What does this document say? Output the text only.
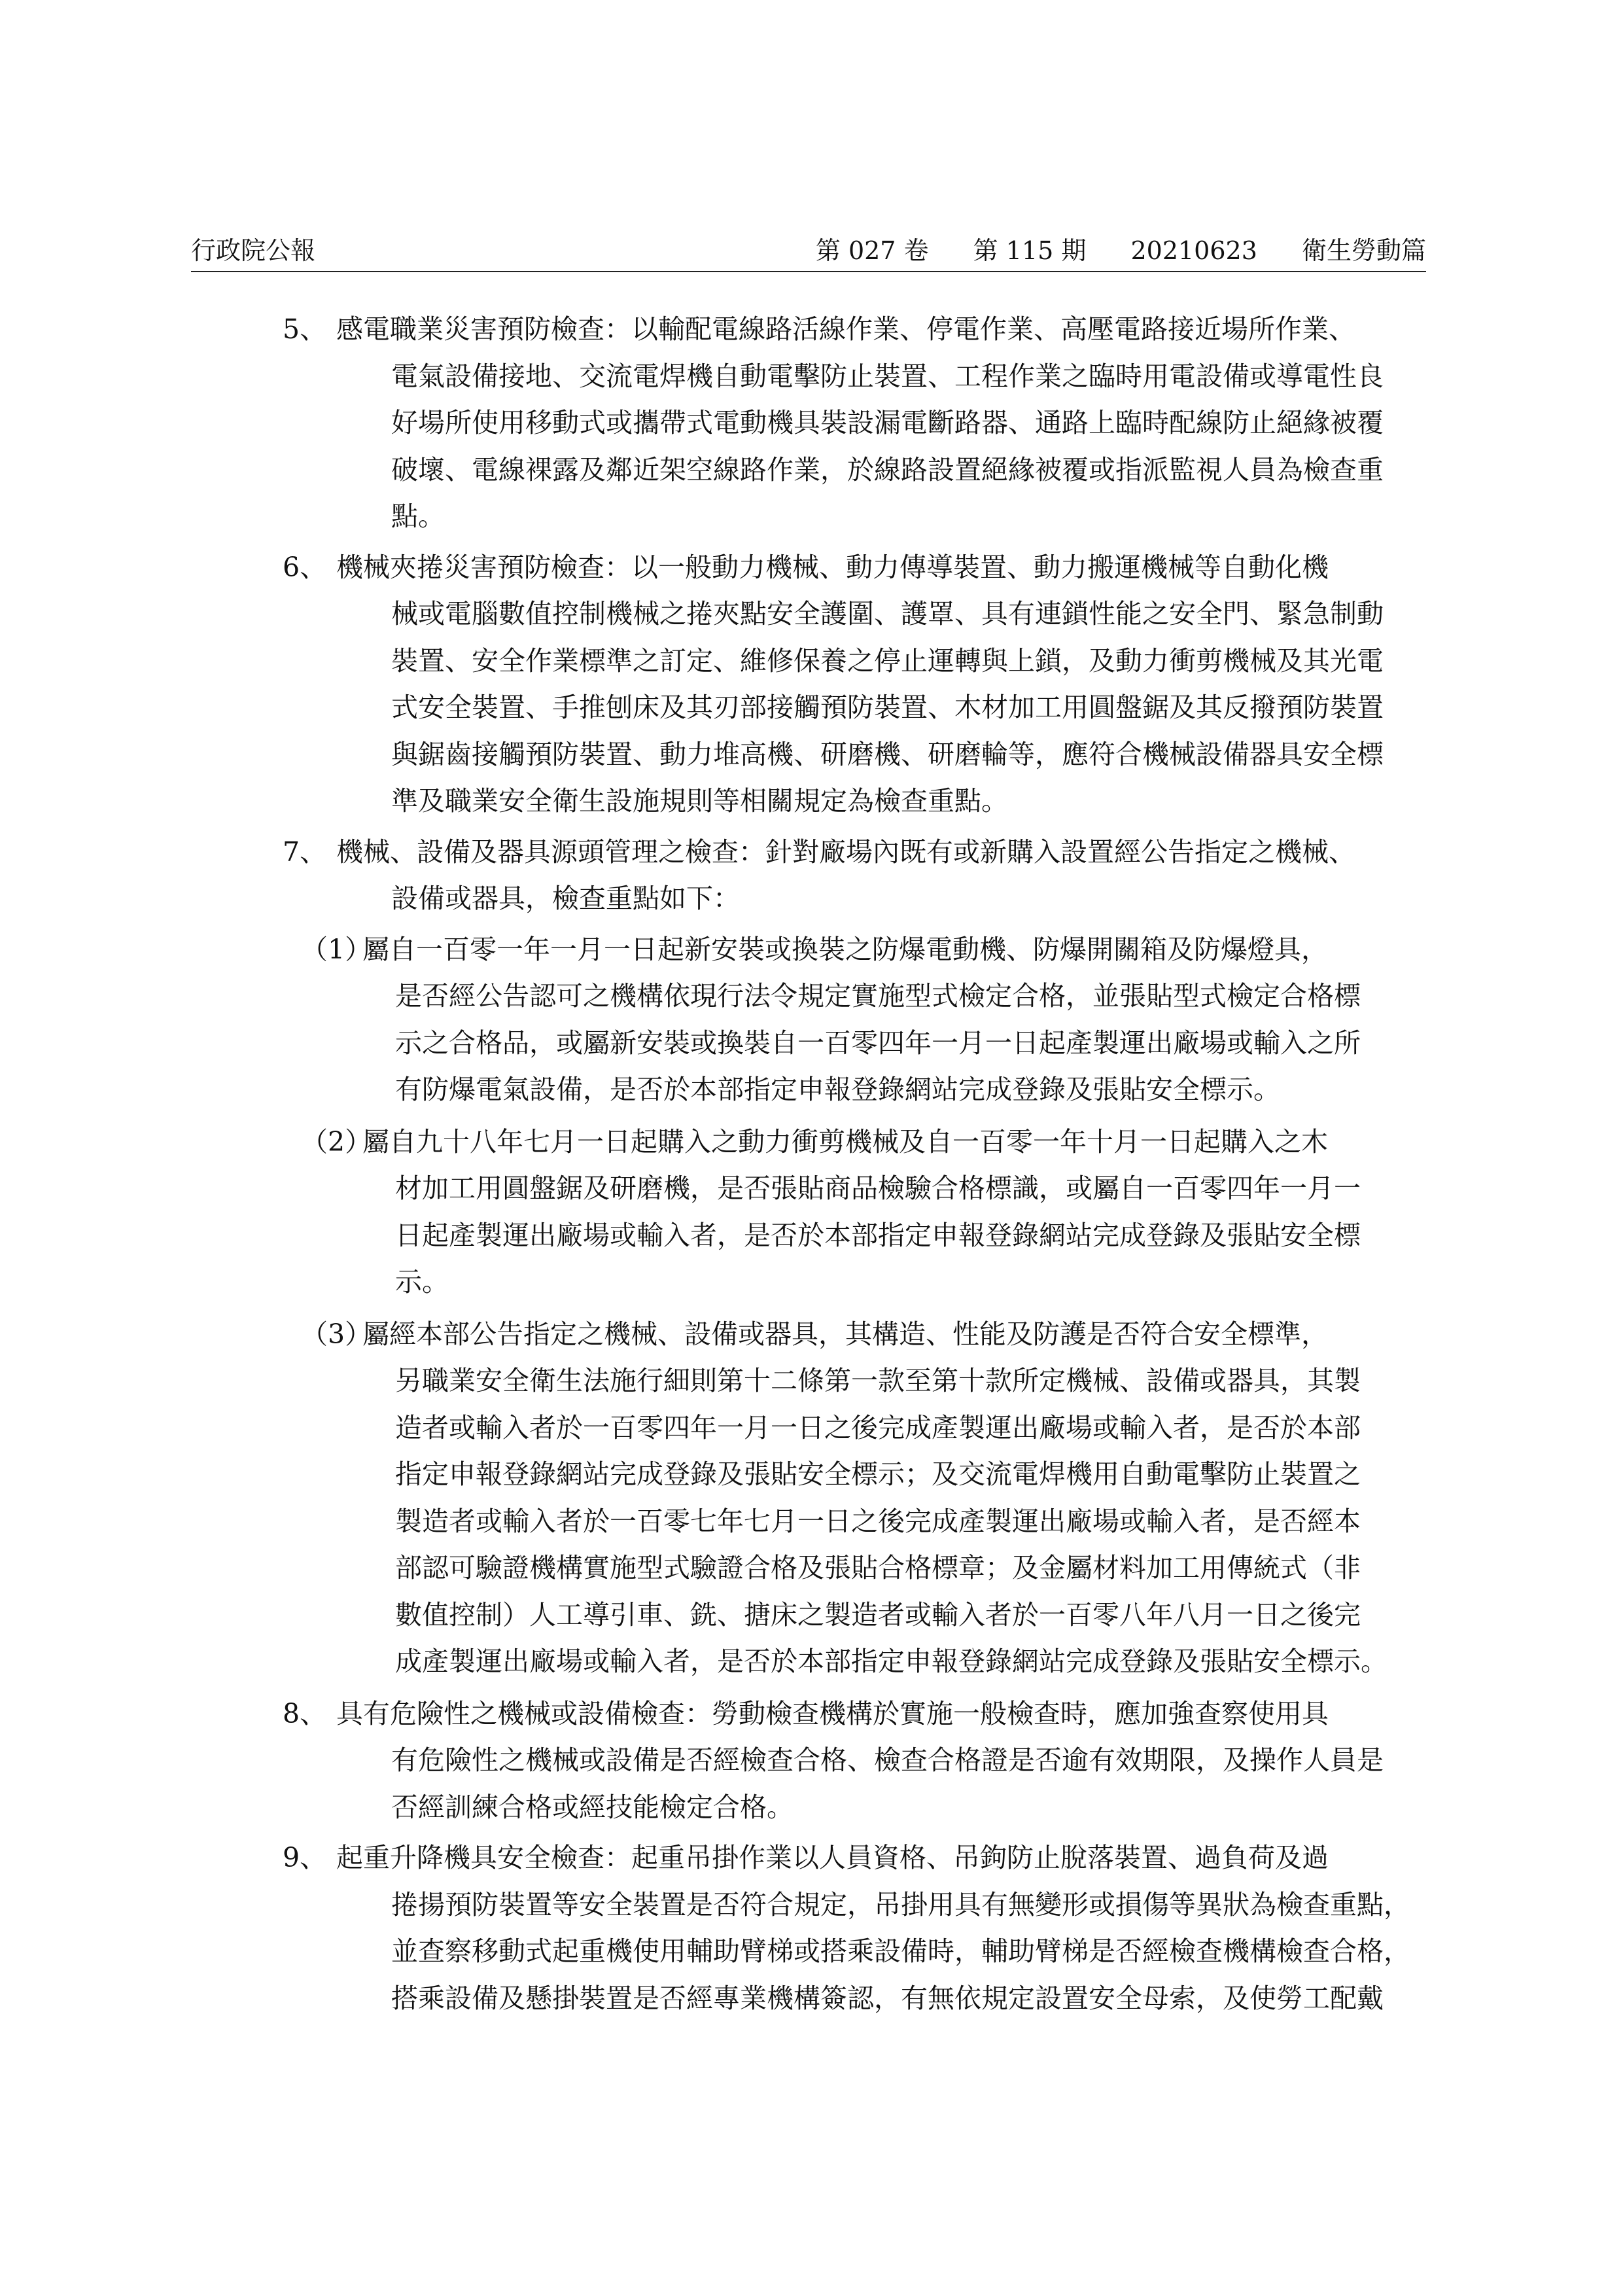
行政院公報	第 027 卷 第 115 期 20210623 衛生勞動篇
5、 感電職業災害預防檢查：以輸配電線路活線作業、停電作業、高壓電路接近場所作業、
電氣設備接地、交流電焊機自動電擊防止裝置、工程作業之臨時用電設備或導電性良
好場所使用移動式或攜帶式電動機具裝設漏電斷路器、通路上臨時配線防止絕緣被覆
破壞、電線裸露及鄰近架空線路作業，於線路設置絕緣被覆或指派監視人員為檢查重
點。
6、 機械夾捲災害預防檢查：以一般動力機械、動力傳導裝置、動力搬運機械等自動化機
械或電腦數值控制機械之捲夾點安全護圍、護罩、具有連鎖性能之安全門、緊急制動
裝置、安全作業標準之訂定、維修保養之停止運轉與上鎖，及動力衝剪機械及其光電
式安全裝置、手推刨床及其刃部接觸預防裝置、木材加工用圓盤鋸及其反撥預防裝置
與鋸齒接觸預防裝置、動力堆高機、研磨機、研磨輪等，應符合機械設備器具安全標
準及職業安全衛生設施規則等相關規定為檢查重點。
7、 機械、設備及器具源頭管理之檢查：針對廠場內既有或新購入設置經公告指定之機械、
設備或器具，檢查重點如下：
（1）
屬自一百零一年一月一日起新安裝或換裝之防爆電動機、防爆開關箱及防爆燈具，
是否經公告認可之機構依現行法令規定實施型式檢定合格，並張貼型式檢定合格標
示之合格品，或屬新安裝或換裝自一百零四年一月一日起產製運出廠場或輸入之所
有防爆電氣設備，是否於本部指定申報登錄網站完成登錄及張貼安全標示。
（2）
屬自九十八年七月一日起購入之動力衝剪機械及自一百零一年十月一日起購入之木
材加工用圓盤鋸及研磨機，是否張貼商品檢驗合格標識，或屬自一百零四年一月一
日起產製運出廠場或輸入者，是否於本部指定申報登錄網站完成登錄及張貼安全標
示。
（3）
屬經本部公告指定之機械、設備或器具，其構造、性能及防護是否符合安全標準，
另職業安全衛生法施行細則第十二條第一款至第十款所定機械、設備或器具，其製
造者或輸入者於一百零四年一月一日之後完成產製運出廠場或輸入者，是否於本部
指定申報登錄網站完成登錄及張貼安全標示；及交流電焊機用自動電擊防止裝置之
製造者或輸入者於一百零七年七月一日之後完成產製運出廠場或輸入者，是否經本
部認可驗證機構實施型式驗證合格及張貼合格標章；及金屬材料加工用傳統式（非
數值控制）人工導引車、銑、搪床之製造者或輸入者於一百零八年八月一日之後完
成產製運出廠場或輸入者，是否於本部指定申報登錄網站完成登錄及張貼安全標示。
8、 具有危險性之機械或設備檢查：勞動檢查機構於實施一般檢查時，應加強查察使用具
有危險性之機械或設備是否經檢查合格、檢查合格證是否逾有效期限，及操作人員是
否經訓練合格或經技能檢定合格。
9、 起重升降機具安全檢查：起重吊掛作業以人員資格、吊鉤防止脫落裝置、過負荷及過
捲揚預防裝置等安全裝置是否符合規定，吊掛用具有無變形或損傷等異狀為檢查重點，
並查察移動式起重機使用輔助臂梯或搭乘設備時，輔助臂梯是否經檢查機構檢查合格，
搭乘設備及懸掛裝置是否經專業機構簽認，有無依規定設置安全母索，及使勞工配戴
